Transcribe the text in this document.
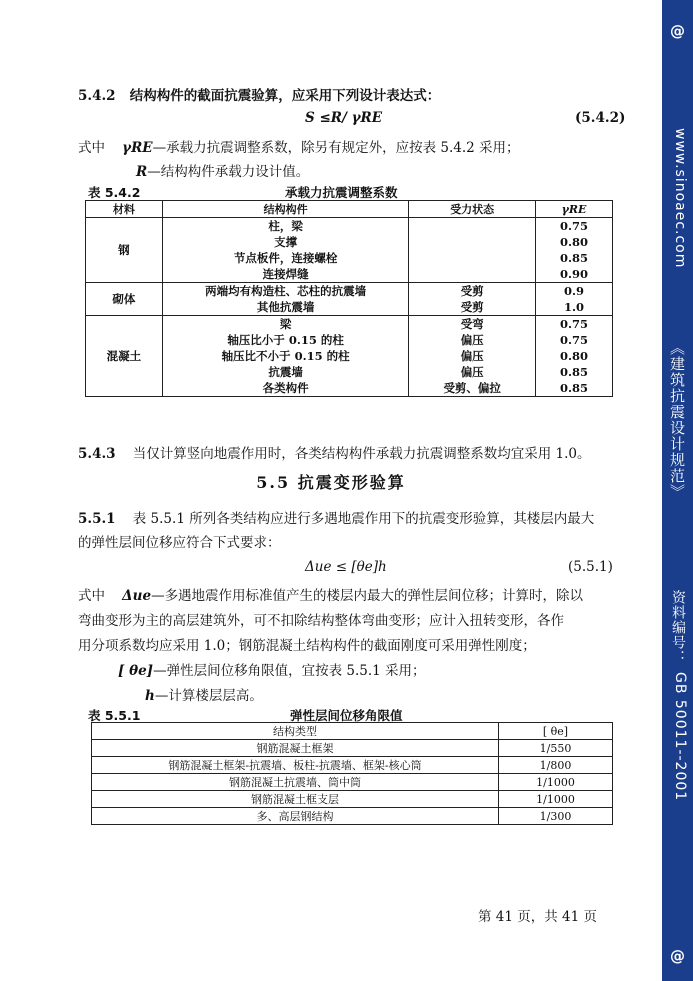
@
www.sinoaec.com
《建筑抗震设计规范》
资料编号：
GB 50011--2001
@
5.4.2 结构构件的截面抗震验算，应采用下列设计表达式：
S ≤R/ γRE	(5.4.2)
式中 γRE—承载力抗震调整系数，除另有规定外，应按表 5.4.2 采用；
R—结构构件承载力设计值。
表 5.4.2	承载力抗震调整系数
材料	结构构件	受力状态	γRE
钢	柱，梁		0.75
	支撑		0.80
	节点板件，连接螺栓		0.85
	连接焊缝		0.90
砌体	两端均有构造柱、芯柱的抗震墙	受剪	0.9
	其他抗震墙	受剪	1.0
混凝土	梁	受弯	0.75
	轴压比小于 0.15 的柱	偏压	0.75
	轴压比不小于 0.15 的柱	偏压	0.80
	抗震墙	偏压	0.85
	各类构件	受剪、偏拉	0.85
5.4.3 当仅计算竖向地震作用时，各类结构构件承载力抗震调整系数均宜采用 1.0。
5.5 抗震变形验算
5.5.1 表 5.5.1 所列各类结构应进行多遇地震作用下的抗震变形验算，其楼层内最大
的弹性层间位移应符合下式要求：
Δue ≤ [θe]h	(5.5.1)
式中 Δue—多遇地震作用标准值产生的楼层内最大的弹性层间位移；计算时，除以
弯曲变形为主的高层建筑外，可不扣除结构整体弯曲变形；应计入扭转变形，各作
用分项系数均应采用 1.0；钢筋混凝土结构构件的截面刚度可采用弹性刚度；
[ θe]—弹性层间位移角限值，宜按表 5.5.1 采用；
h—计算楼层层高。
表 5.5.1	弹性层间位移角限值
结构类型	[ θe]
钢筋混凝土框架	1/550
钢筋混凝土框架-抗震墙、板柱-抗震墙、框架-核心筒	1/800
钢筋混凝土抗震墙、筒中筒	1/1000
钢筋混凝土框支层	1/1000
多、高层钢结构	1/300
第 41 页，共 41 页
